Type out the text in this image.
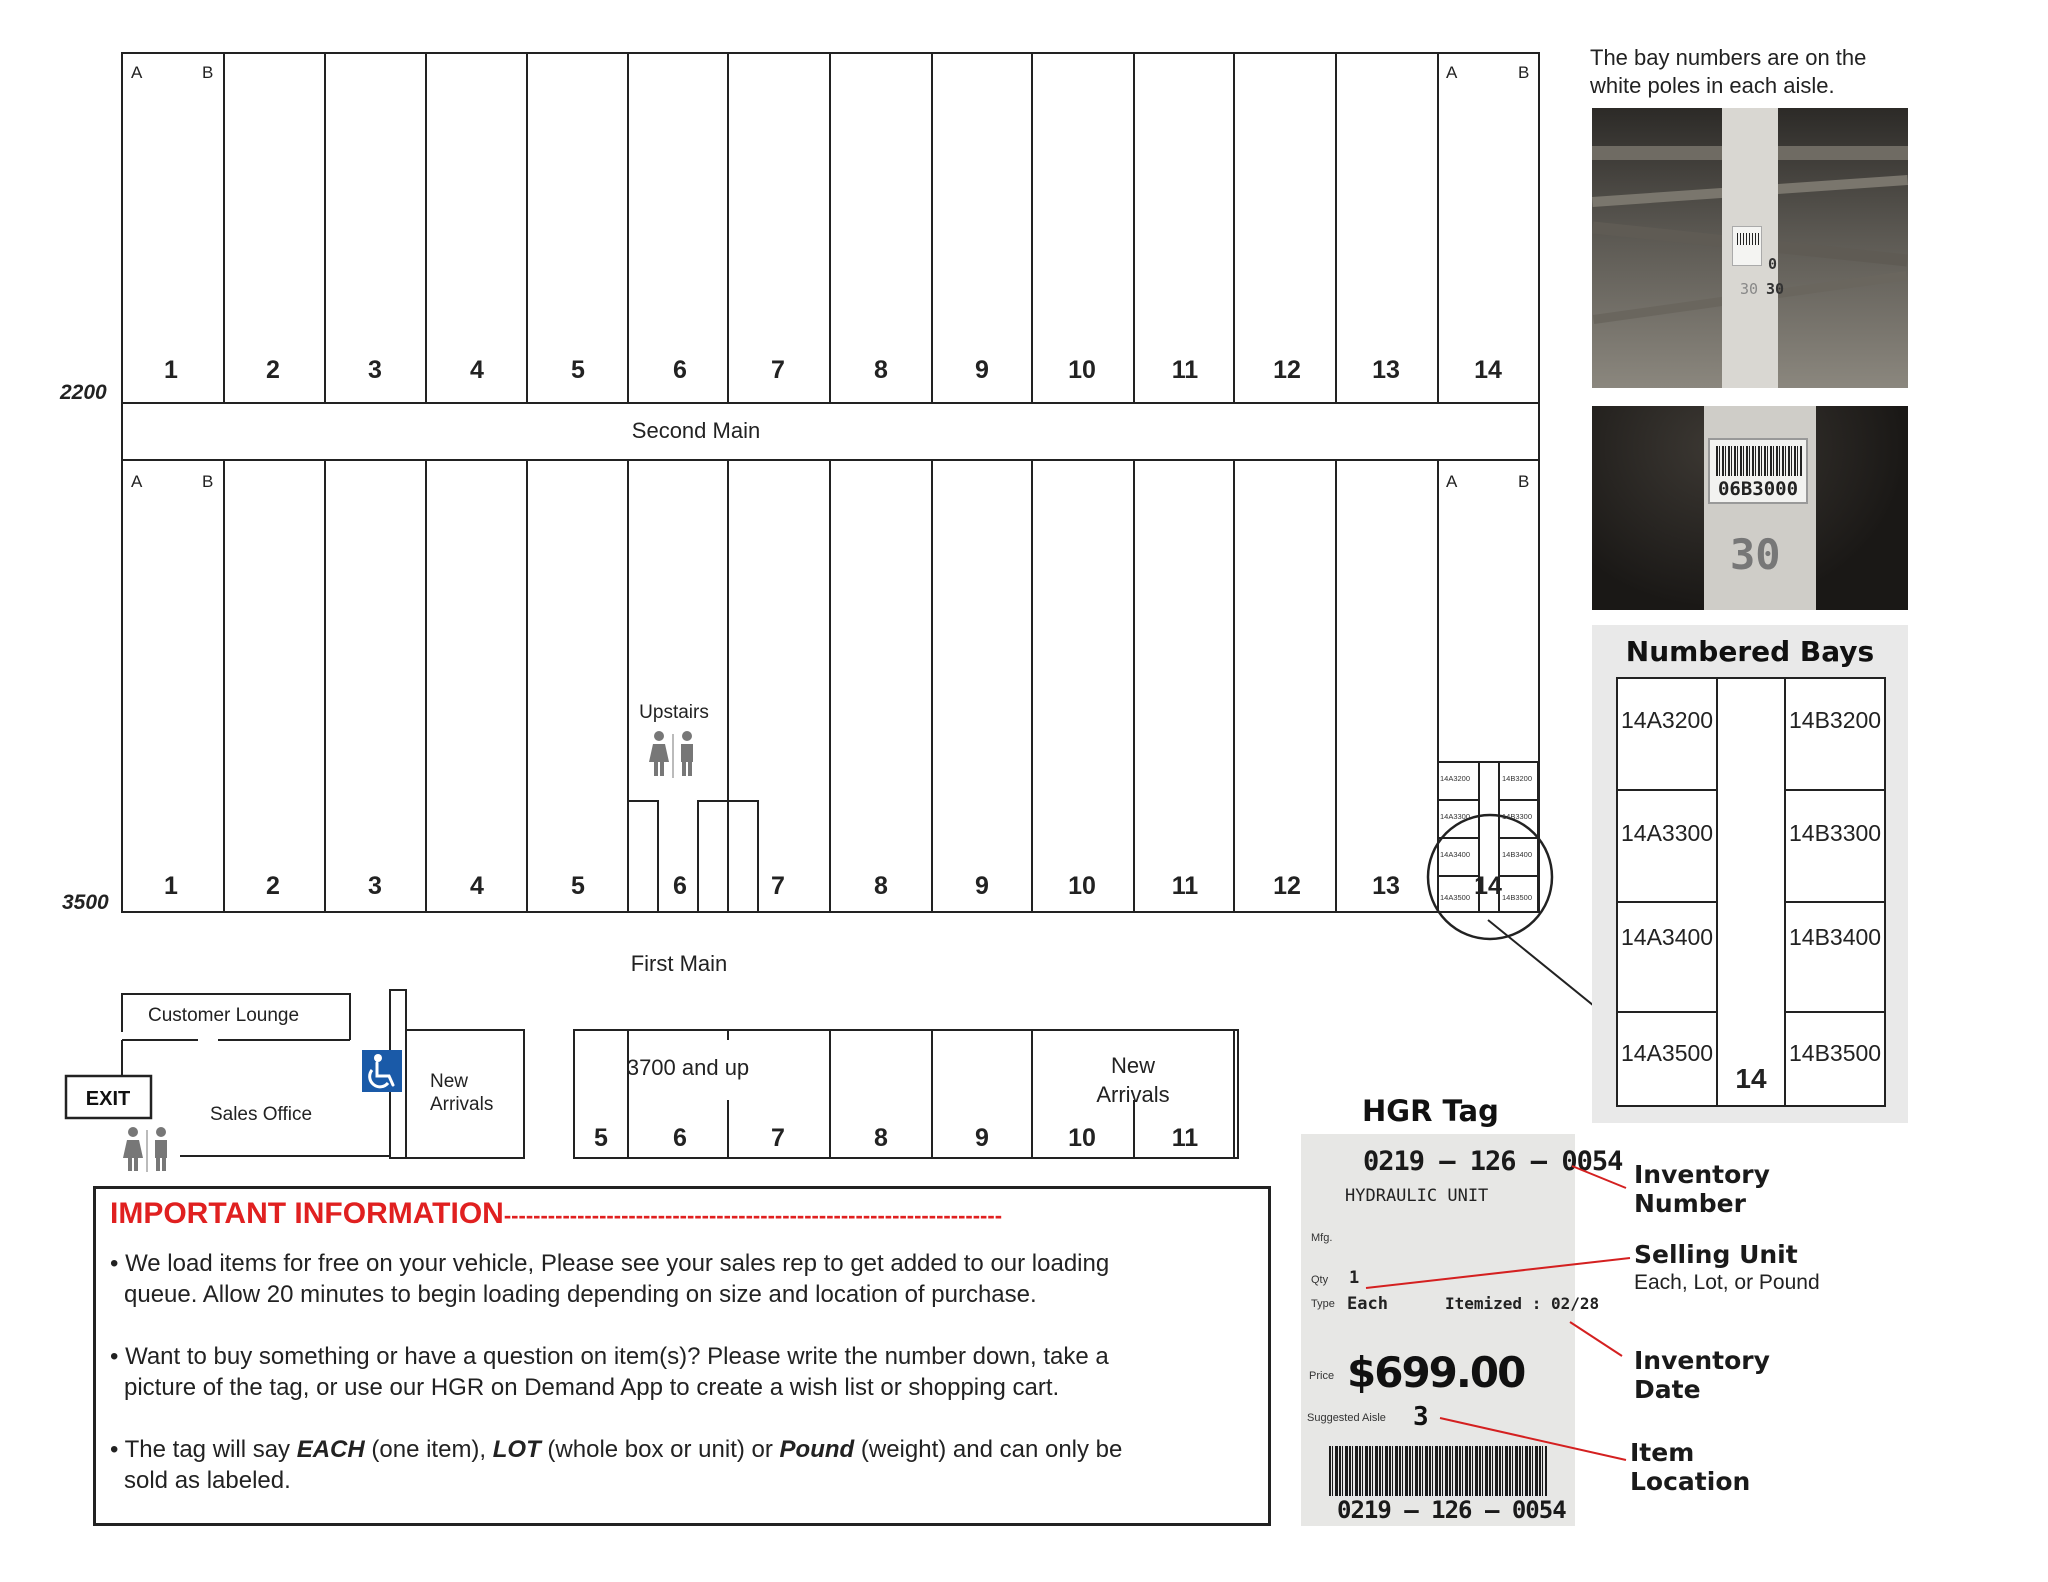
1	2	3	4	5	6	7	8	9	10	11	12	13	14
1	2	3	4	5	6	7	8	9	10	11	12	13
A	B	A	B
A	B	A	B
2200
3500
Second Main
First Main
Upstairs
14A3200
14A3300
14A3400
14A3500
14B3200
14B3300
14B3400
14B3500
14
Customer Lounge
EXIT
Sales Office
New
Arrivals
3700 and up	New
Arrivals
5	6	7	8	9	10	11
The bay numbers are on the
white poles in each aisle.
0
30 30
06B3000
30
Numbered Bays
14A3200
14A3300
14A3400
14A3500
14B3200
14B3300
14B3400
14B3500
14
HGR Tag
0219 – 126 – 0054
HYDRAULIC UNIT
Mfg.
Qty 1
Type Each	Itemized : 02/28
Price $699.00
Suggested Aisle 3
0219 – 126 – 0054
Inventory
Number
Selling Unit
Each, Lot, or Pound
Inventory
Date
Item
Location
IMPORTANT INFORMATION--------------------------------------------------------------------
• We load items for free on your vehicle, Please see your sales rep to get added to our loading
queue. Allow 20 minutes to begin loading depending on size and location of purchase.
• Want to buy something or have a question on item(s)? Please write the number down, take a
picture of the tag, or use our HGR on Demand App to create a wish list or shopping cart.
• The tag will say EACH (one item), LOT (whole box or unit) or Pound (weight) and can only be
sold as labeled.
